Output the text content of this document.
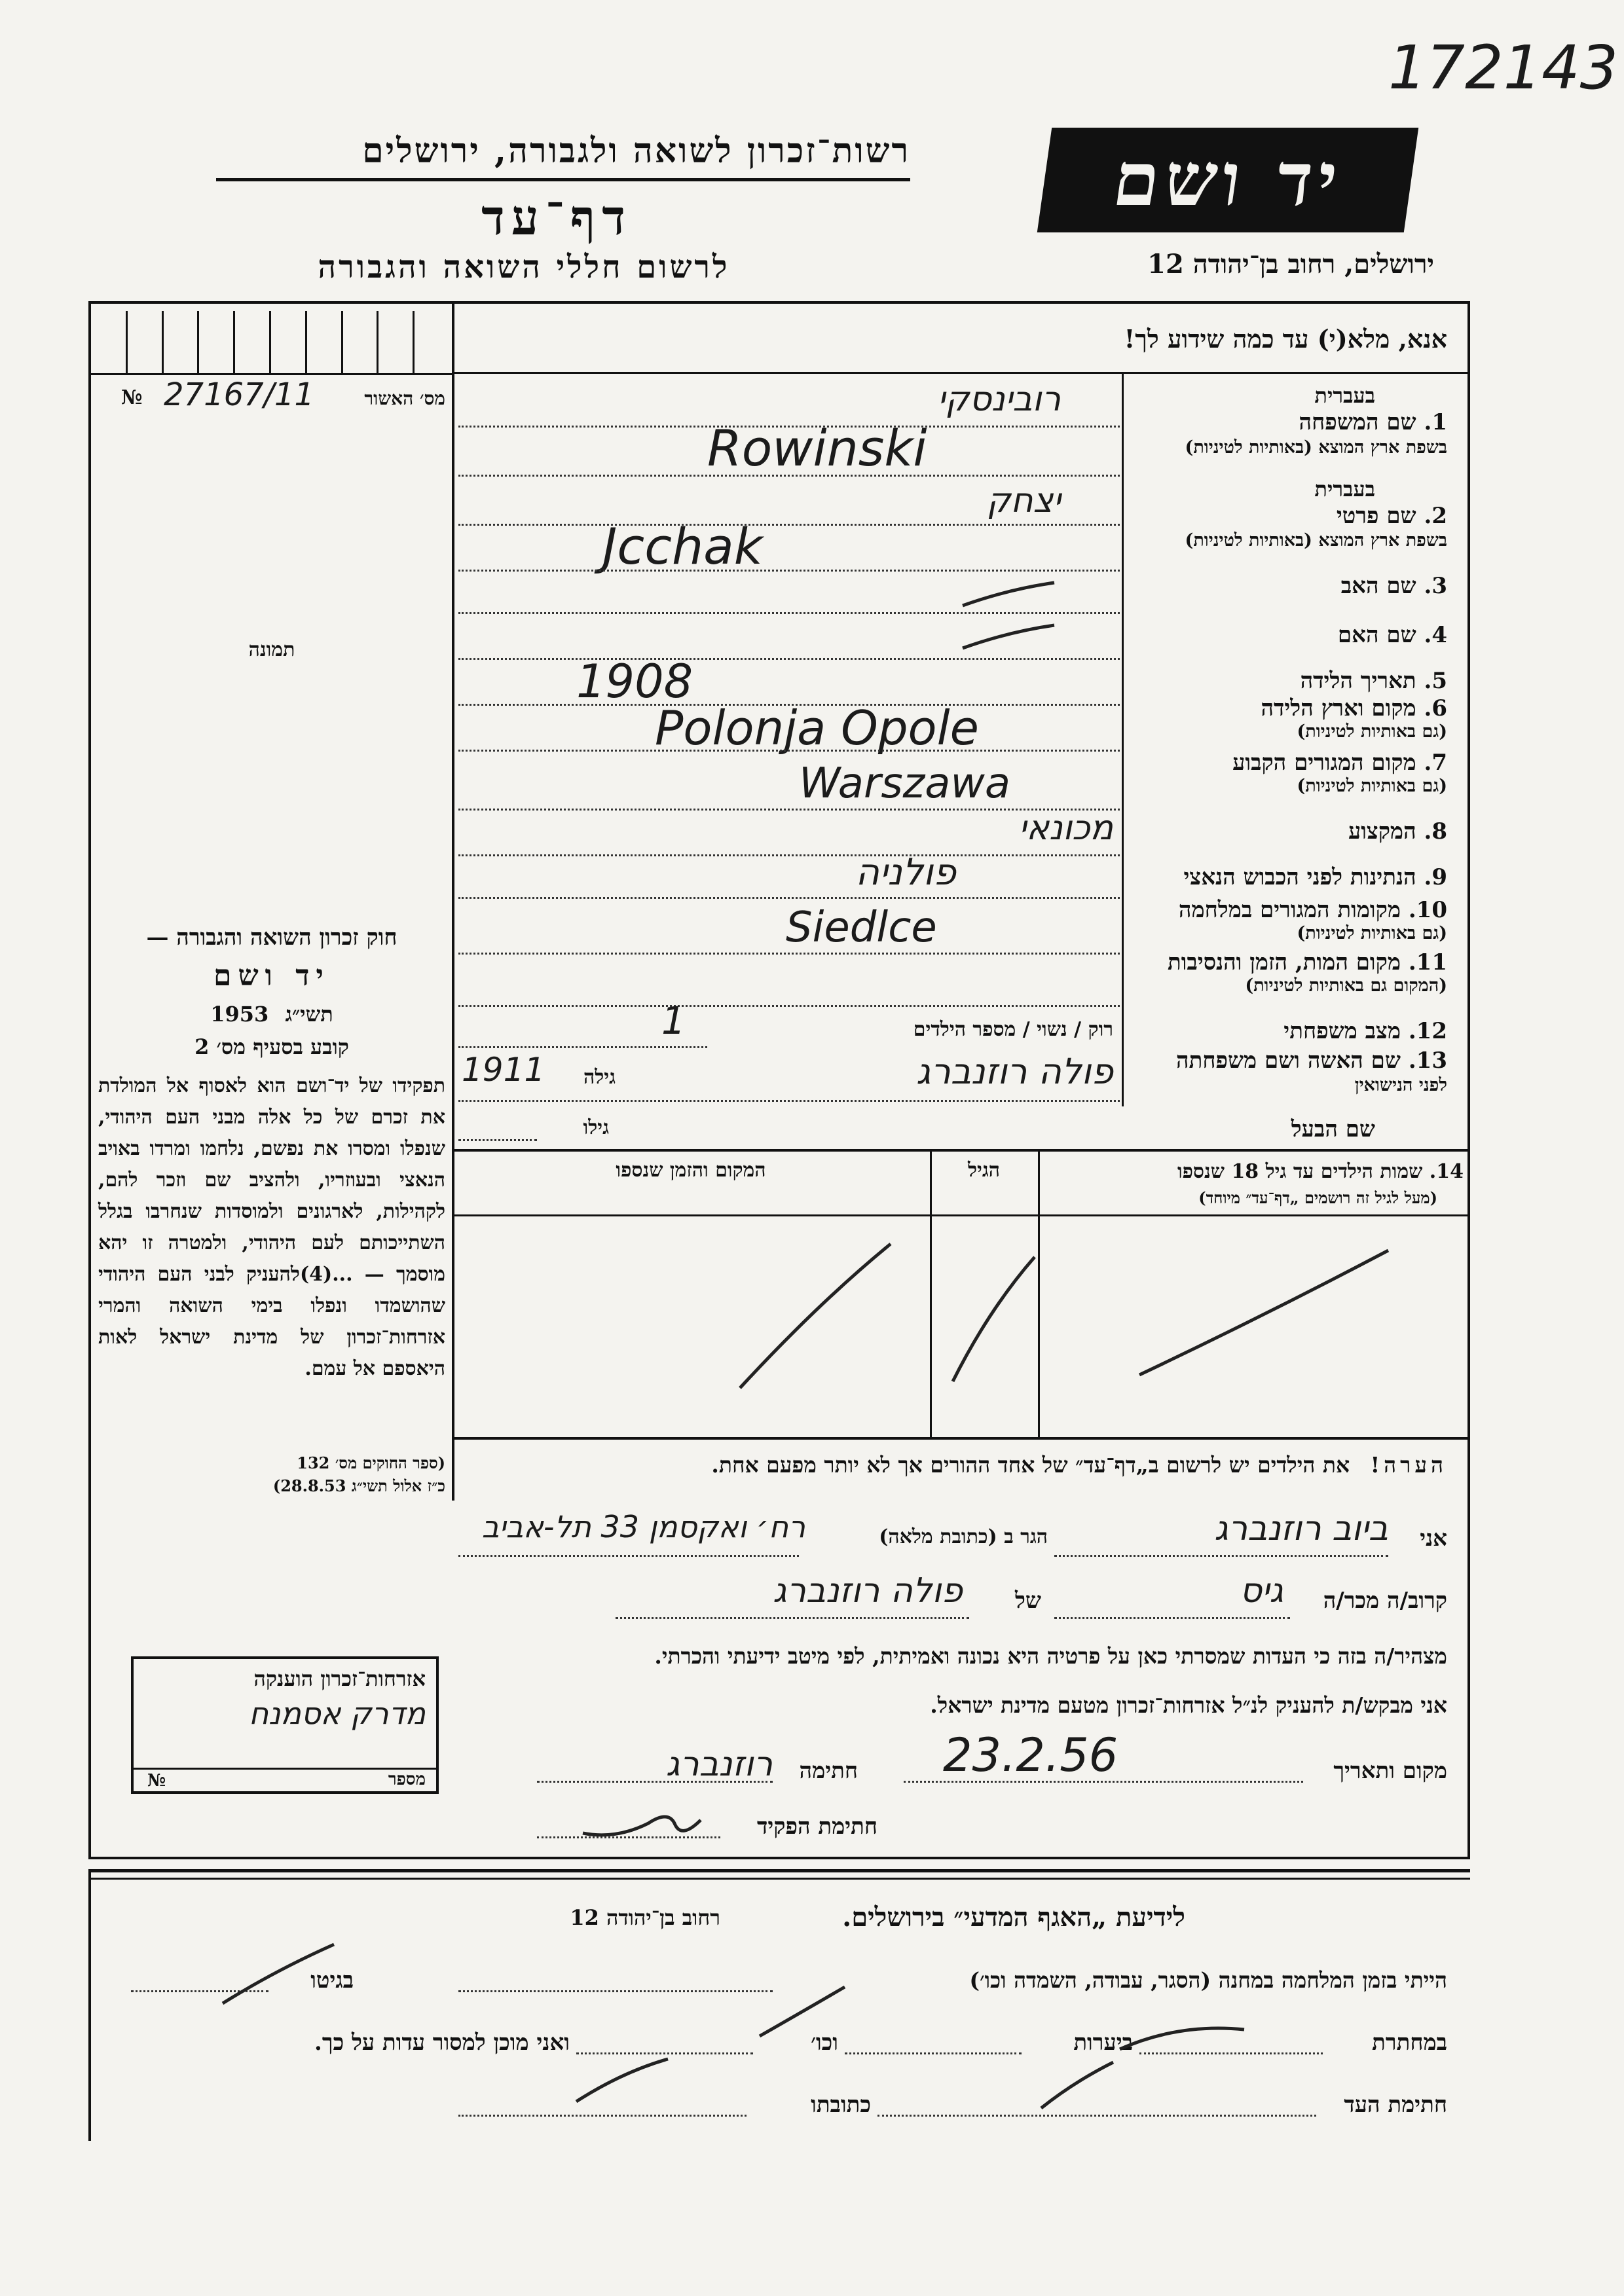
172143
רשות־זכרון לשואה ולגבורה, ירושלים
דף־עד
לרשום חללי השואה והגבורה
יד ושם
ירושלים, רחוב בן־יהודה 12
אנא, מלא(י) עד כמה שידוע לך!
№ 27167/11	מס׳ האשור
תמונה
חוק זכרון השואה והגבורה —
יד ושם
1953 תשי״ג
קובע בסעיף מס׳ 2
תפקידו של יד־ושם הוא לאסוף אל המולדת את זכרם של כל אלה מבני העם היהודי, שנפלו ומסרו את נפשם, נלחמו ומרדו באויב הנאצי ובעוזריו, ולהציב שם וזכר להם, לקהילות, לארגונים ולמוסדות שנחרבו בגלל השתייכותם לעם היהודי, ולמטרה זו יהא מוסמך — ...(4)להעניק לבני העם היהודי שהושמדו ונפלו בימי השואה והמרי אזרחות־זכרון של מדינת ישראל לאות היאספם אל עמם.
(ספר החוקים מס׳ 132
כ״ז אלול תשי״ג 28.8.53)
בעברית
1. שם המשפחה
בשפת ארץ המוצא (באותיות לטיניות)
בעברית
2. שם פרטי
בשפת ארץ המוצא (באותיות לטיניות)
3. שם האב
4. שם האם
5. תאריך הלידה
6. מקום וארץ הלידה
(גם באותיות לטיניות)
7. מקום המגורים הקבוע
(גם באותיות לטיניות)
8. המקצוע
9. הנתינות לפני הכבוש הנאצי
10. מקומות המגורים במלחמה
(גם באותיות לטיניות)
11. מקום המות, הזמן והנסיבות
(המקום גם באותיות לטיניות)
12. מצב משפחתי
13. שם האשה ושם משפחתה
לפני הנישואין
שם הבעל
רובינסקי
Rowinski
יצחק
Jcchak
1908
Polonja Opole
Warszawa
מכונאי
פולניה
Siedlce
רוק / נשוי / מספר הילדים
1
פולה רוזנברג
גילה
1911
גילו
14. שמות הילדים עד גיל 18 שנספו
(מעל לגיל זה רושמים „דף־עד״ מיוחד)
הגיל
המקום והזמן שנספו
הערה! את הילדים יש לרשום ב„דף־עד״ של אחד ההורים אך לא יותר מפעם אחת.
אני
ביוב רוזנברג
הגר ב (כתובת מלאה)
רח׳ ואקסמן 33 תל-אביב
קרוב/ה מכר/ה
גיס
של
פולה רוזנברג
מצהיר/ה בזה כי העדות שמסרתי כאן על פרטיה היא נכונה ואמיתית, לפי מיטב ידיעתי והכרתי.
אני מבקש/ת להעניק לנ״ל אזרחות־זכרון מטעם מדינת ישראל.
מקום ותאריך
23.2.56
חתימה
רוזנברג
חתימת הפקיד
אזרחות־זכרון הוענקה
מדרק אסמנח
מספר
№
לידיעת „האגף המדעי״ בירושלים.
רחוב בן־יהודה 12
הייתי בזמן המלחמה במחנה (הסגר, עבודה, השמדה וכו׳)
בגיטו
במחתרת
ביערות
וכו׳
ואני מוכן למסור עדות על כך.
חתימת העד
כתובתו
